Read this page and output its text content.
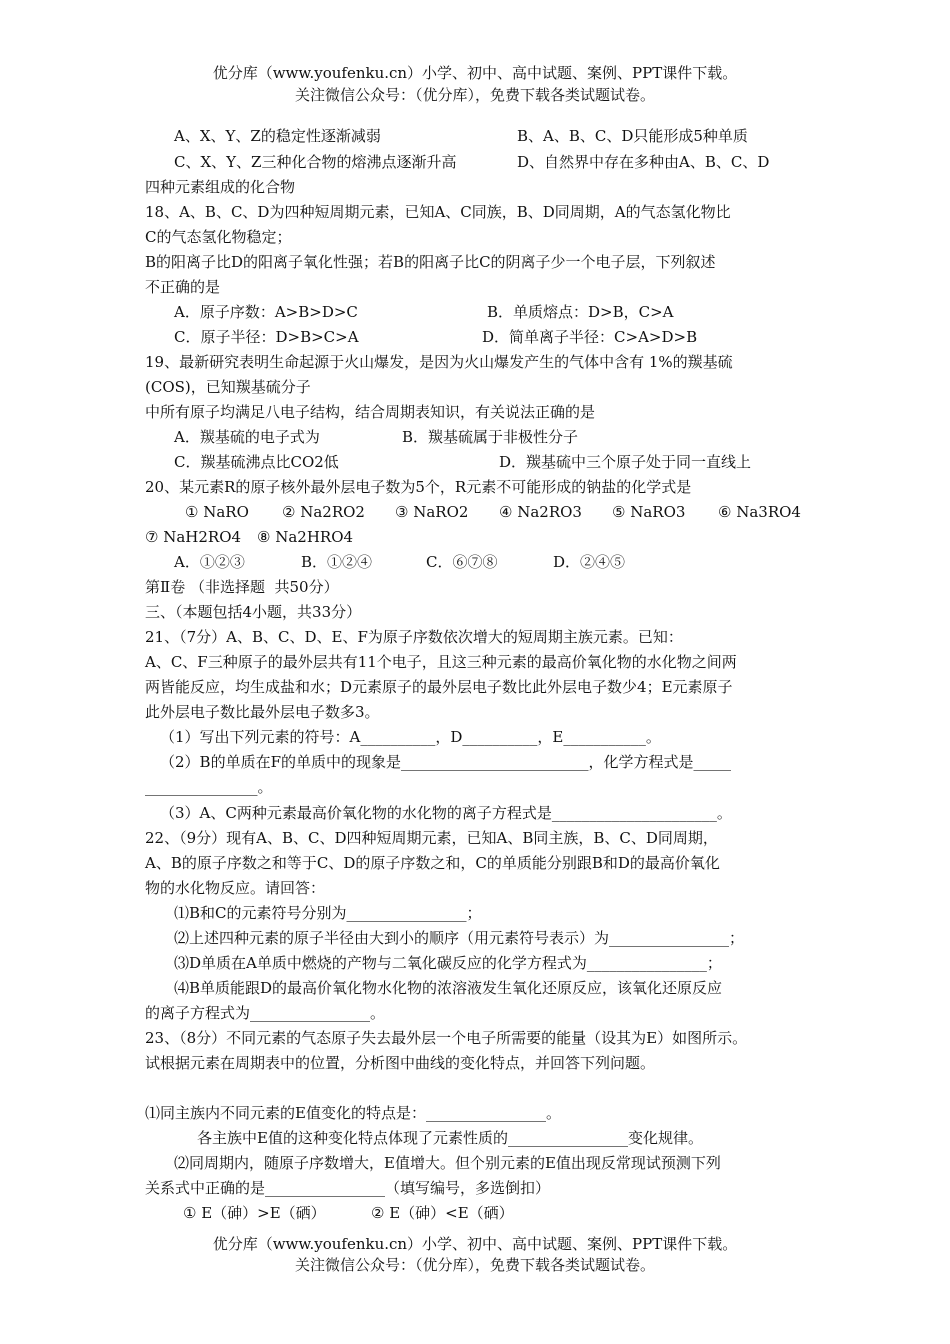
优分库（www.youfenku.cn）小学、初中、高中试题、案例、PPT课件下载。
关注微信公众号：（优分库），免费下载各类试题试卷。
A、X、Y、Z的稳定性逐渐减弱	B、A、B、C、D只能形成5种单质
C、X、Y、Z三种化合物的熔沸点逐渐升高	D、自然界中存在多种由A、B、C、D
四种元素组成的化合物
18、A、B、C、D为四种短周期元素，已知A、C同族，B、D同周期，A的气态氢化物比
C的气态氢化物稳定；
B的阳离子比D的阳离子氧化性强；若B的阳离子比C的阴离子少一个电子层，下列叙述
不正确的是
A．原子序数：A>B>D>C	B．单质熔点：D>B，C>A
C．原子半径：D>B>C>A	D．简单离子半径：C>A>D>B
19、最新研究表明生命起源于火山爆发，是因为火山爆发产生的气体中含有 1%的羰基硫
(COS)，已知羰基硫分子
中所有原子均满足八电子结构，结合周期表知识，有关说法正确的是
A．羰基硫的电子式为	B．羰基硫属于非极性分子
C．羰基硫沸点比CO2低	D．羰基硫中三个原子处于同一直线上
20、某元素R的原子核外最外层电子数为5个，R元素不可能形成的钠盐的化学式是
① NaRO ② Na2RO2 ③ NaRO2 ④ Na2RO3 ⑤ NaRO3 ⑥ Na3RO4
⑦ NaH2RO4 ⑧ Na2HRO4
A．①②③	B．①②④	C．⑥⑦⑧	D．②④⑤
第Ⅱ卷 （非选择题  共50分）
三、（本题包括4小题，共33分）
21、（7分）A、B、C、D、E、F为原子序数依次增大的短周期主族元素。已知：
A、C、F三种原子的最外层共有11个电子，且这三种元素的最高价氧化物的水化物之间两
两皆能反应，均生成盐和水；D元素原子的最外层电子数比此外层电子数少4；E元素原子
此外层电子数比最外层电子数多3。
（1）写出下列元素的符号：A__________，D__________，E___________。
（2）B的单质在F的单质中的现象是_________________________，化学方程式是_____
_______________。
（3）A、C两种元素最高价氧化物的水化物的离子方程式是______________________。
22、（9分）现有A、B、C、D四种短周期元素，已知A、B同主族，B、C、D同周期，
A、B的原子序数之和等于C、D的原子序数之和，C的单质能分别跟B和D的最高价氧化
物的水化物反应。请回答：
⑴B和C的元素符号分别为________________；
⑵上述四种元素的原子半径由大到小的顺序（用元素符号表示）为________________；
⑶D单质在A单质中燃烧的产物与二氧化碳反应的化学方程式为________________；
⑷B单质能跟D的最高价氧化物水化物的浓溶液发生氧化还原反应，该氧化还原反应
的离子方程式为________________。
23、（8分）不同元素的气态原子失去最外层一个电子所需要的能量（设其为E）如图所示。
试根据元素在周期表中的位置，分析图中曲线的变化特点，并回答下列问题。
⑴同主族内不同元素的E值变化的特点是：________________。
各主族中E值的这种变化特点体现了元素性质的________________变化规律。
⑵同周期内，随原子序数增大，E值增大。但个别元素的E值出现反常现试预测下列
关系式中正确的是________________（填写编号，多选倒扣）
① E（砷）>E（硒）	② E（砷）<E（硒）
优分库（www.youfenku.cn）小学、初中、高中试题、案例、PPT课件下载。
关注微信公众号：（优分库），免费下载各类试题试卷。
